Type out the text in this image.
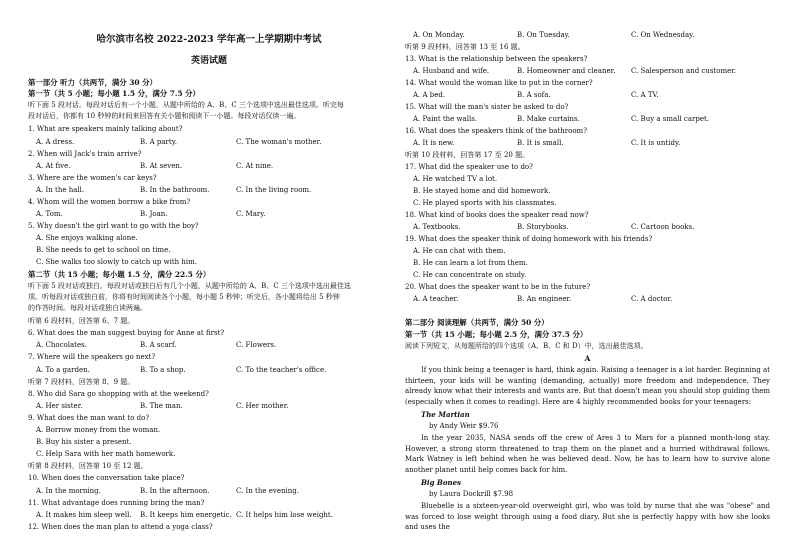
哈尔滨市名校 2022-2023 学年高一上学期期中考试
英语试题
第一部分 听力（共两节，满分 30 分）
第一节（共 5 小题；每小题 1.5 分，满分 7.5 分）
听下面 5 段对话。每段对话后有一个小题，从题中所给的 A、B、C 三个选项中选出最佳选项。听完每
段对话后，你都有 10 秒钟的时间来回答有关小题和阅读下一小题。每段对话仅读一遍。
1. What are speakers mainly talking about?
A. A dress.	B. A party.	C. The woman's mother.
2. When will Jack's train arrive?
A. At five.	B. At seven.	C. At nine.
3. Where are the women's car keys?
A. In the hall.	B. In the bathroom.	C. In the living room.
4. Whom will the women borrow a bike from?
A. Tom.	B. Joan.	C. Mary.
5. Why doesn't the girl want to go with the boy?
A. She enjoys walking alone.
B. She needs to get to school on time.
C. She walks too slowly to catch up with him.
第二节（共 15 小题；每小题 1.5 分，满分 22.5 分）
听下面 5 段对话或独白。每段对话或独白后有几个小题，从题中所给的 A、B、C 三个选项中选出最佳选
项。听每段对话或独白前，你将有时间阅读各个小题，每小题 5 秒钟；听完后，各小题将给出 5 秒钟
的作答时间。每段对话或独白读两遍。
听第 6 段材料，回答第 6、7 题。
6. What does the man suggest buying for Anne at first?
A. Chocolates.	B. A scarf.	C. Flowers.
7. Where will the speakers go next?
A. To a garden.	B. To a shop.	C. To the teacher's office.
听第 7 段材料，回答第 8、9 题。
8. Who did Sara go shopping with at the weekend?
A. Her sister.	B. The man.	C. Her mother.
9. What does the man want to do?
A. Borrow money from the woman.
B. Buy his sister a present.
C. Help Sara with her math homework.
听第 8 段材料，回答第 10 至 12 题。
10. When does the conversation take place?
A. In the morning.	B. In the afternoon.	C. In the evening.
11. What advantage does running bring the man?
A. It makes him sleep well. B. It keeps him energetic. C. It helps him lose weight.
12. When does the man plan to attend a yoga class?
A. On Monday.	B. On Tuesday.	C. On Wednesday.
听第 9 段材料，回答第 13 至 16 题。
13. What is the relationship between the speakers?
A. Husband and wife.	B. Homeowner and cleaner. C. Salesperson and customer.
14. What would the woman like to put in the corner?
A. A bed.	B. A sofa.	C. A TV.
15. What will the man's sister be asked to do?
A. Paint the walls.	B. Make curtains.	C. Buy a small carpet.
16. What does the speakers think of the bathroom?
A. It is new.	B. It is small.	C. It is untidy.
听第 10 段材料，回答第 17 至 20 题。
17. What did the speaker use to do?
A. He watched TV a lot.
B. He stayed home and did homework.
C. He played sports with his classmates.
18. What kind of books does the speaker read now?
A. Textbooks.	B. Storybooks.	C. Cartoon books.
19. What does the speaker think of doing homework with his friends?
A. He can chat with them.
B. He can learn a lot from them.
C. He can concentrate on study.
20. What does the speaker want to be in the future?
A. A teacher.	B. An engineer.	C. A doctor.
第二部分 阅读理解（共两节，满分 50 分）
第一节（共 15 小题；每小题 2.5 分，满分 37.5 分）
阅读下列短文，从每题所给的四个选项（A、B、C 和 D）中，选出最佳选项。
A
If you think being a teenager is hard, think again. Raising a teenager is a lot harder. Beginning at thirteen, your kids will be wanting (demanding, actually) more freedom and independence. They already know what their interests and wants are. But that doesn't mean you should stop guiding them (especially when it comes to reading). Here are 4 highly recommended books for your teenagers:
The Martian
by Andy Weir $9.76
In the year 2035, NASA sends off the crew of Ares 3 to Mars for a planned month-long stay. However, a strong storm threatened to trap them on the planet and a hurried withdrawal follows. Mark Watney is left behind when he was believed dead. Now, he has to learn how to survive alone another planet until help comes back for him.
Big Bones
by Laura Dockrill $7.98
Bluebelle is a sixteen-year-old overweight girl, who was told by nurse that she was "obese" and was forced to lose weight through using a food diary. But she is perfectly happy with how she looks and uses the
